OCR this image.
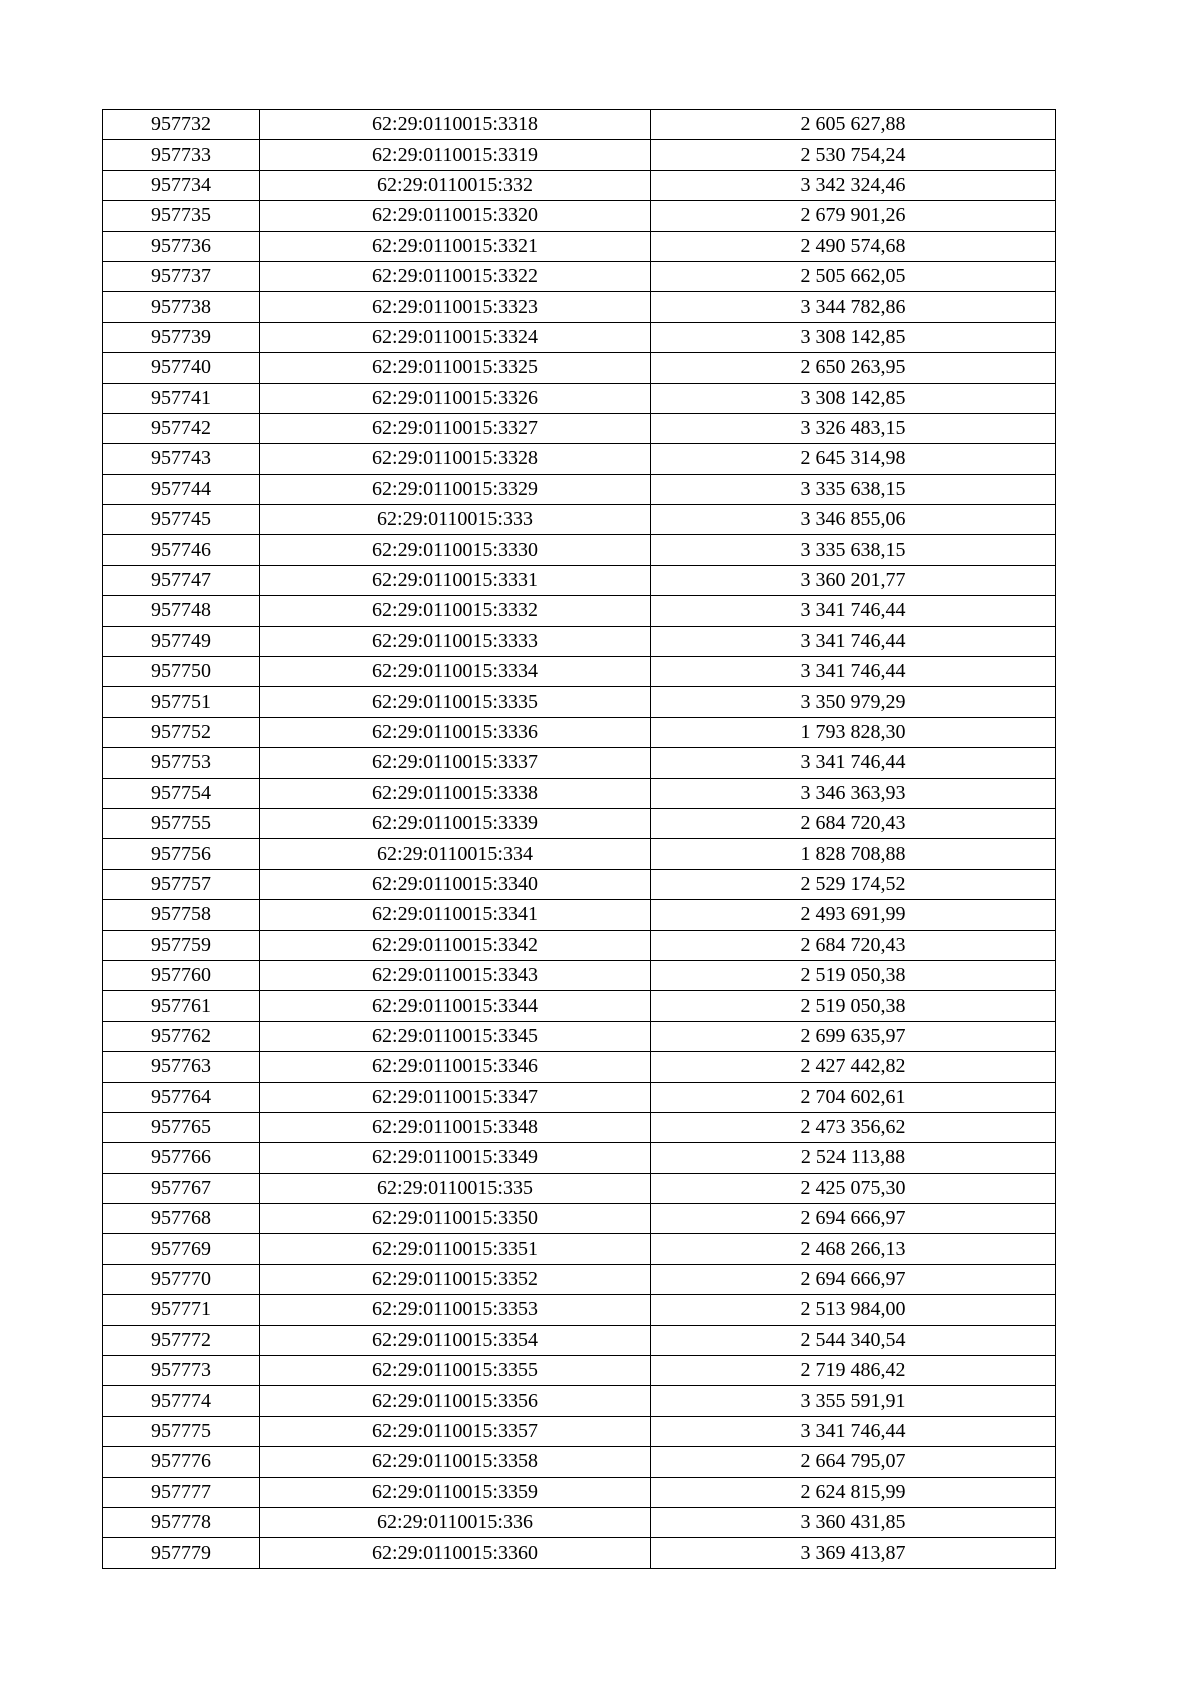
957732	62:29:0110015:3318	2 605 627,88
957733	62:29:0110015:3319	2 530 754,24
957734	62:29:0110015:332	3 342 324,46
957735	62:29:0110015:3320	2 679 901,26
957736	62:29:0110015:3321	2 490 574,68
957737	62:29:0110015:3322	2 505 662,05
957738	62:29:0110015:3323	3 344 782,86
957739	62:29:0110015:3324	3 308 142,85
957740	62:29:0110015:3325	2 650 263,95
957741	62:29:0110015:3326	3 308 142,85
957742	62:29:0110015:3327	3 326 483,15
957743	62:29:0110015:3328	2 645 314,98
957744	62:29:0110015:3329	3 335 638,15
957745	62:29:0110015:333	3 346 855,06
957746	62:29:0110015:3330	3 335 638,15
957747	62:29:0110015:3331	3 360 201,77
957748	62:29:0110015:3332	3 341 746,44
957749	62:29:0110015:3333	3 341 746,44
957750	62:29:0110015:3334	3 341 746,44
957751	62:29:0110015:3335	3 350 979,29
957752	62:29:0110015:3336	1 793 828,30
957753	62:29:0110015:3337	3 341 746,44
957754	62:29:0110015:3338	3 346 363,93
957755	62:29:0110015:3339	2 684 720,43
957756	62:29:0110015:334	1 828 708,88
957757	62:29:0110015:3340	2 529 174,52
957758	62:29:0110015:3341	2 493 691,99
957759	62:29:0110015:3342	2 684 720,43
957760	62:29:0110015:3343	2 519 050,38
957761	62:29:0110015:3344	2 519 050,38
957762	62:29:0110015:3345	2 699 635,97
957763	62:29:0110015:3346	2 427 442,82
957764	62:29:0110015:3347	2 704 602,61
957765	62:29:0110015:3348	2 473 356,62
957766	62:29:0110015:3349	2 524 113,88
957767	62:29:0110015:335	2 425 075,30
957768	62:29:0110015:3350	2 694 666,97
957769	62:29:0110015:3351	2 468 266,13
957770	62:29:0110015:3352	2 694 666,97
957771	62:29:0110015:3353	2 513 984,00
957772	62:29:0110015:3354	2 544 340,54
957773	62:29:0110015:3355	2 719 486,42
957774	62:29:0110015:3356	3 355 591,91
957775	62:29:0110015:3357	3 341 746,44
957776	62:29:0110015:3358	2 664 795,07
957777	62:29:0110015:3359	2 624 815,99
957778	62:29:0110015:336	3 360 431,85
957779	62:29:0110015:3360	3 369 413,87
